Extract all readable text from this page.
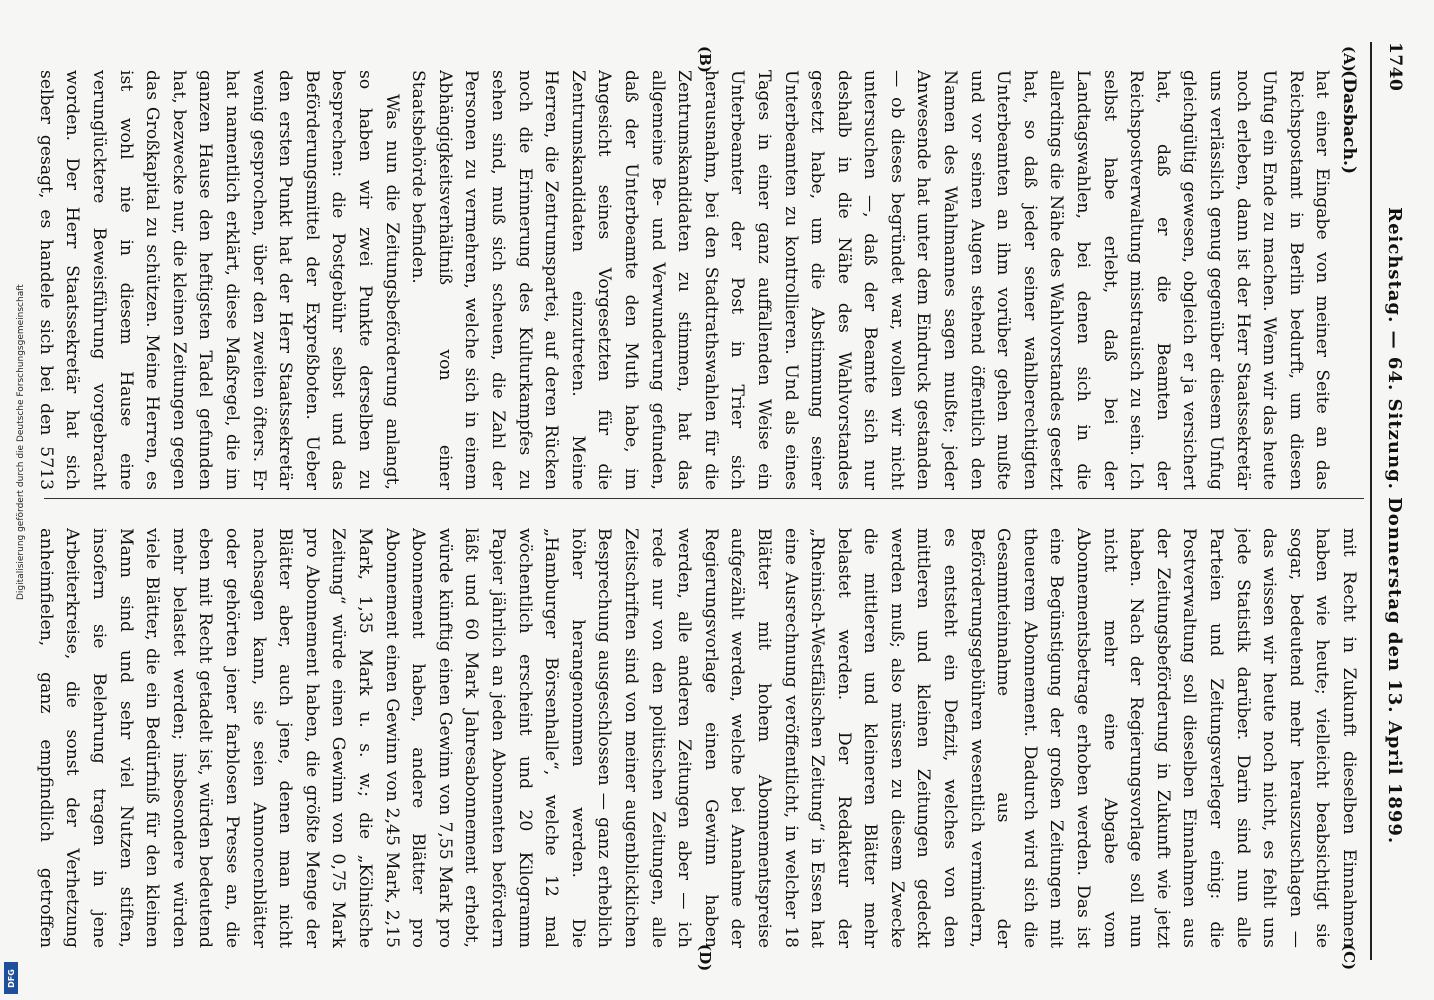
1740
Reichstag. — 64. Sitzung. Donnerstag den 13. April 1899.
(A)
(B)
(C)
(D)

(Dasbach.)

hat einer Eingabe von meiner Seite an das Reichspostamt in Berlin bedurft, um diesen Unfug ein Ende zu machen. Wenn wir das heute noch erleben, dann ist der Herr Staatssekretär uns verlässlich genug gegenüber diesem Unfug gleichgültig gewesen, obgleich er ja versichert hat, daß er die Beamten der Reichspostverwaltung misstrauisch zu sein. Ich selbst habe erlebt, daß bei der Landtagswahlen, bei denen sich in die allerdings die Nähe des Wahlvorstandes gesetzt hat, so daß jeder seiner wahlberechtigten Unterbeamten an ihm vorüber gehen mußte und vor seinen Augen stehend öffentlich den Namen des Wahlmannes sagen mußte; jeder Anwesende hat unter dem Eindruck gestanden — ob dieses begründet war, wollen wir nicht untersuchen —, daß der Beamte sich nur deshalb in die Nähe des Wahlvorstandes gesetzt habe, um die Abstimmung seiner Unterbeamten zu kontrollieren. Und als eines Tages in einer ganz auffallenden Weise ein Unterbeamter der Post in Trier sich herausnahm, bei den Stadtrathswahlen für die Zentrumskandidaten zu stimmen, hat das allgemeine Be- und Verwunderung gefunden, daß der Unterbeamte den Muth habe, im Angesicht seines Vorgesetzten für die Zentrumskandidaten einzutreten. Meine Herren, die Zentrumspartei, auf deren Rücken noch die Erinnerung des Kulturkampfes zu sehen sind, muß sich scheuen, die Zahl der Personen zu vermehren, welche sich in einem Abhängigkeitsverhältniß von einer Staatsbehörde befinden.

Was nun die Zeitungsbeförderung anlangt, so haben wir zwei Punkte derselben zu besprechen: die Postgebühr selbst und das Beförderungsmittel der Expreßboten. Ueber den ersten Punkt hat der Herr Staatssekretär wenig gesprochen, über den zweiten öfters. Er hat namentlich erklärt, diese Maßregel, die im ganzen Hause den heftigsten Tadel gefunden hat, bezwecke nur, die kleinen Zeitungen gegen das Großkapital zu schützen. Meine Herren, es ist wohl nie in diesem Hause eine verunglücktere Beweisführung vorgebracht worden. Der Herr Staatssekretär hat sich selber gesagt, es handele sich bei den 5713

mit Recht in Zukunft dieselben Einnahmen haben wie heute; vielleicht beabsichtigt sie sogar, bedeutend mehr herauszuschlagen — das wissen wir heute noch nicht, es fehlt uns jede Statistik darüber. Darin sind nun alle Parteien und Zeitungsverleger einig: die Postverwaltung soll dieselben Einnahmen aus der Zeitungsbeförderung in Zukunft wie jetzt haben. Nach der Regierungsvorlage soll nun nicht mehr eine Abgabe vom Abonnementsbetrage erhoben werden. Das ist eine Begünstigung der großen Zeitungen mit theuerem Abonnement. Dadurch wird sich die Gesammteinnahme aus der Beförderungsgebühren wesentlich vermindern, es entsteht ein Defizit, welches von den mittleren und kleinen Zeitungen gedeckt werden muß; also müssen zu diesem Zwecke die mittleren und kleineren Blätter mehr belastet werden. Der Redakteur der „Rheinisch-Westfälischen Zeitung“ in Essen hat eine Ausrechnung veröffentlicht, in welcher 18 Blätter mit hohem Abonnementspreise aufgezählt werden, welche bei Annahme der Regierungsvorlage einen Gewinn haben werden, alle anderen Zeitungen aber — ich rede nur von den politischen Zeitungen, alle Zeitschriften sind von meiner augenblicklichen Besprechung ausgeschlossen — ganz erheblich höher herangenommen werden. Die „Hamburger Börsenhalle“, welche 12 mal wöchentlich erscheint und 20 Kilogramm Papier jährlich an jeden Abonnenten befördern läßt und 60 Mark Jahresabonnement erhebt, würde künftig einen Gewinn von 7,55 Mark pro Abonnement haben, andere Blätter pro Abonnement einen Gewinn von 2,45 Mark, 2,15 Mark, 1,35 Mark u. s. w.; die „Kölnische Zeitung“ würde einen Gewinn von 0,75 Mark pro Abonnement haben, die größte Menge der Blätter aber, auch jene, denen man nicht nachsagen kann, sie seien Annoncenblätter oder gehörten jener farblosen Presse an, die eben mit Recht getadelt ist, würden bedeutend mehr belastet werden; insbesondere würden viele Blätter, die ein Bedürfniß für den kleinen Mann sind und sehr viel Nutzen stiften, insofern sie Belehrung tragen in jene Arbeiterkreise, die sonst der Verhetzung anheimfielen, ganz empfindlich getroffen

Digitalisierung gefördert durch die Deutsche Forschungsgemeinschaft
DFG
